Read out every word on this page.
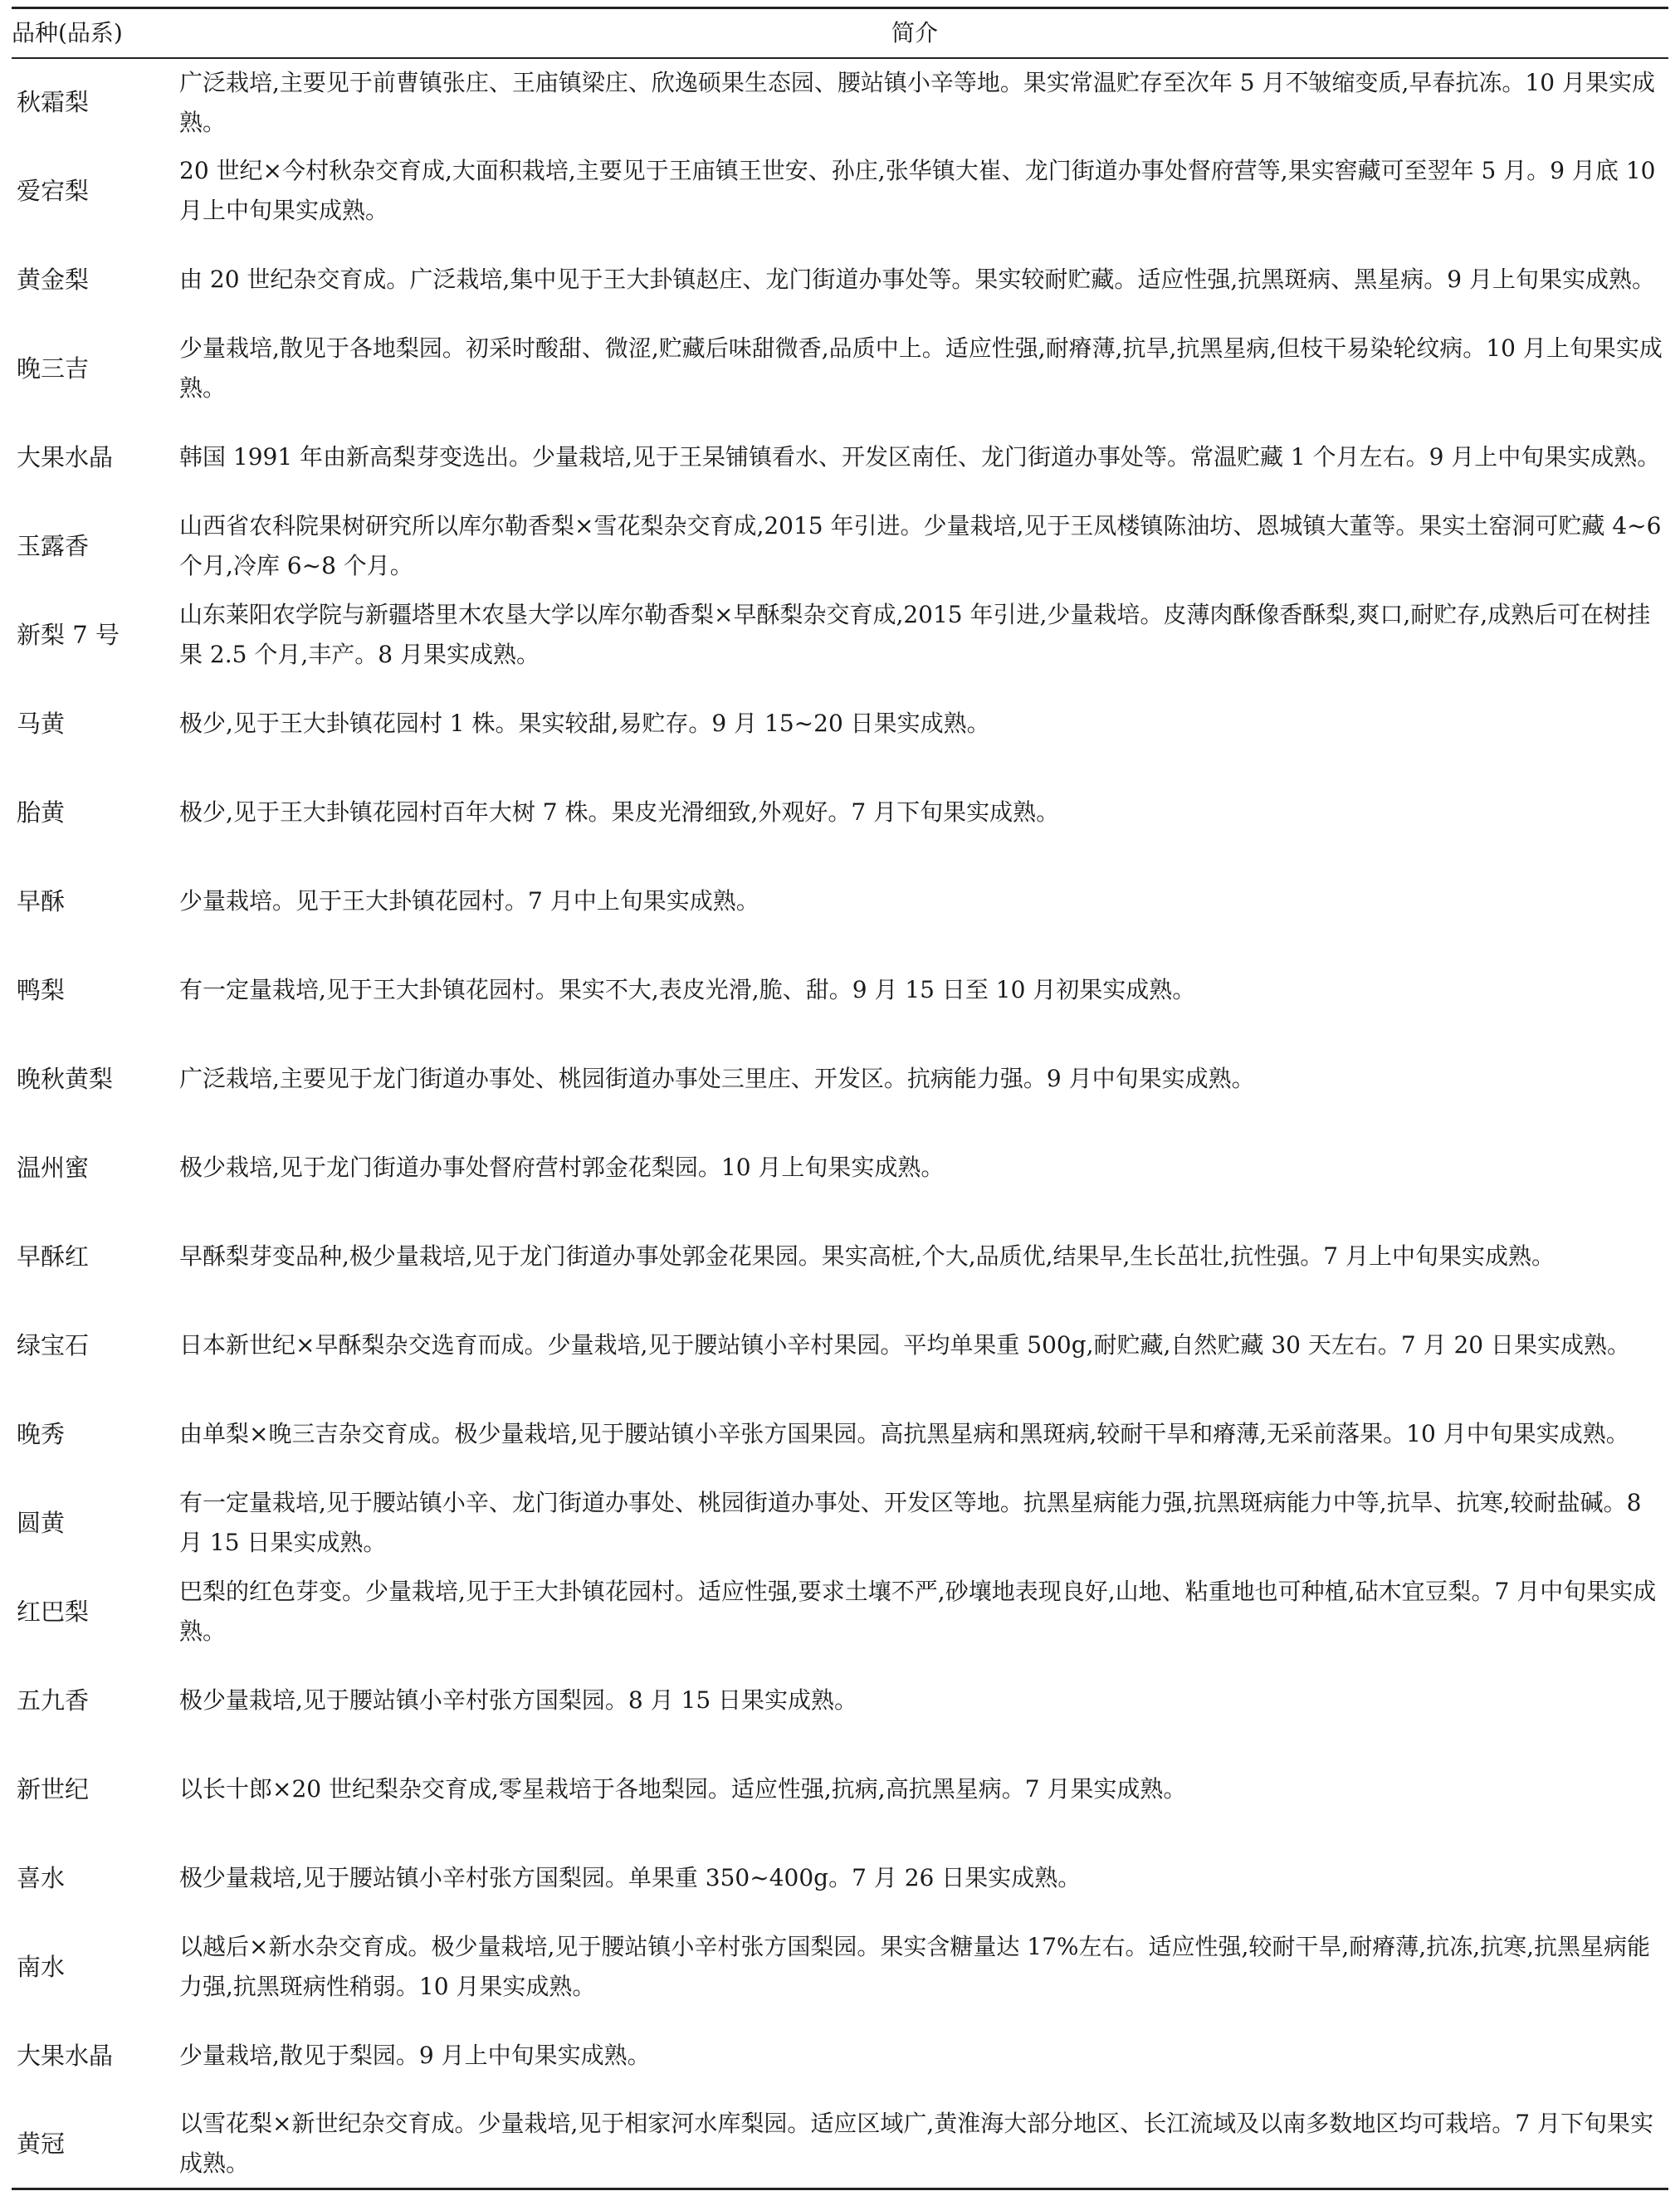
品种(品系)	简介
秋霜梨	广泛栽培,主要见于前曹镇张庄、王庙镇梁庄、欣逸硕果生态园、腰站镇小辛等地。果实常温贮存至次年 5 月不皱缩变质,早春抗冻。10 月果实成熟。
爱宕梨	20 世纪×今村秋杂交育成,大面积栽培,主要见于王庙镇王世安、孙庄,张华镇大崔、龙门街道办事处督府营等,果实窖藏可至翌年 5 月。9 月底 10 月上中旬果实成熟。
黄金梨	由 20 世纪杂交育成。广泛栽培,集中见于王大卦镇赵庄、龙门街道办事处等。果实较耐贮藏。适应性强,抗黑斑病、黑星病。9 月上旬果实成熟。
晚三吉	少量栽培,散见于各地梨园。初采时酸甜、微涩,贮藏后味甜微香,品质中上。适应性强,耐瘠薄,抗旱,抗黑星病,但枝干易染轮纹病。10 月上旬果实成熟。
大果水晶	韩国 1991 年由新高梨芽变选出。少量栽培,见于王杲铺镇看水、开发区南任、龙门街道办事处等。常温贮藏 1 个月左右。9 月上中旬果实成熟。
玉露香	山西省农科院果树研究所以库尔勒香梨×雪花梨杂交育成,2015 年引进。少量栽培,见于王凤楼镇陈油坊、恩城镇大董等。果实土窑洞可贮藏 4~6 个月,冷库 6~8 个月。
新梨 7 号	山东莱阳农学院与新疆塔里木农垦大学以库尔勒香梨×早酥梨杂交育成,2015 年引进,少量栽培。皮薄肉酥像香酥梨,爽口,耐贮存,成熟后可在树挂果 2.5 个月,丰产。8 月果实成熟。
马黄	极少,见于王大卦镇花园村 1 株。果实较甜,易贮存。9 月 15~20 日果实成熟。
胎黄	极少,见于王大卦镇花园村百年大树 7 株。果皮光滑细致,外观好。7 月下旬果实成熟。
早酥	少量栽培。见于王大卦镇花园村。7 月中上旬果实成熟。
鸭梨	有一定量栽培,见于王大卦镇花园村。果实不大,表皮光滑,脆、甜。9 月 15 日至 10 月初果实成熟。
晚秋黄梨	广泛栽培,主要见于龙门街道办事处、桃园街道办事处三里庄、开发区。抗病能力强。9 月中旬果实成熟。
温州蜜	极少栽培,见于龙门街道办事处督府营村郭金花梨园。10 月上旬果实成熟。
早酥红	早酥梨芽变品种,极少量栽培,见于龙门街道办事处郭金花果园。果实高桩,个大,品质优,结果早,生长茁壮,抗性强。7 月上中旬果实成熟。
绿宝石	日本新世纪×早酥梨杂交选育而成。少量栽培,见于腰站镇小辛村果园。平均单果重 500g,耐贮藏,自然贮藏 30 天左右。7 月 20 日果实成熟。
晚秀	由单梨×晚三吉杂交育成。极少量栽培,见于腰站镇小辛张方国果园。高抗黑星病和黑斑病,较耐干旱和瘠薄,无采前落果。10 月中旬果实成熟。
圆黄	有一定量栽培,见于腰站镇小辛、龙门街道办事处、桃园街道办事处、开发区等地。抗黑星病能力强,抗黑斑病能力中等,抗旱、抗寒,较耐盐碱。8 月 15 日果实成熟。
红巴梨	巴梨的红色芽变。少量栽培,见于王大卦镇花园村。适应性强,要求土壤不严,砂壤地表现良好,山地、粘重地也可种植,砧木宜豆梨。7 月中旬果实成熟。
五九香	极少量栽培,见于腰站镇小辛村张方国梨园。8 月 15 日果实成熟。
新世纪	以长十郎×20 世纪梨杂交育成,零星栽培于各地梨园。适应性强,抗病,高抗黑星病。7 月果实成熟。
喜水	极少量栽培,见于腰站镇小辛村张方国梨园。单果重 350~400g。7 月 26 日果实成熟。
南水	以越后×新水杂交育成。极少量栽培,见于腰站镇小辛村张方国梨园。果实含糖量达 17%左右。适应性强,较耐干旱,耐瘠薄,抗冻,抗寒,抗黑星病能力强,抗黑斑病性稍弱。10 月果实成熟。
大果水晶	少量栽培,散见于梨园。9 月上中旬果实成熟。
黄冠	以雪花梨×新世纪杂交育成。少量栽培,见于相家河水库梨园。适应区域广,黄淮海大部分地区、长江流域及以南多数地区均可栽培。7 月下旬果实成熟。
